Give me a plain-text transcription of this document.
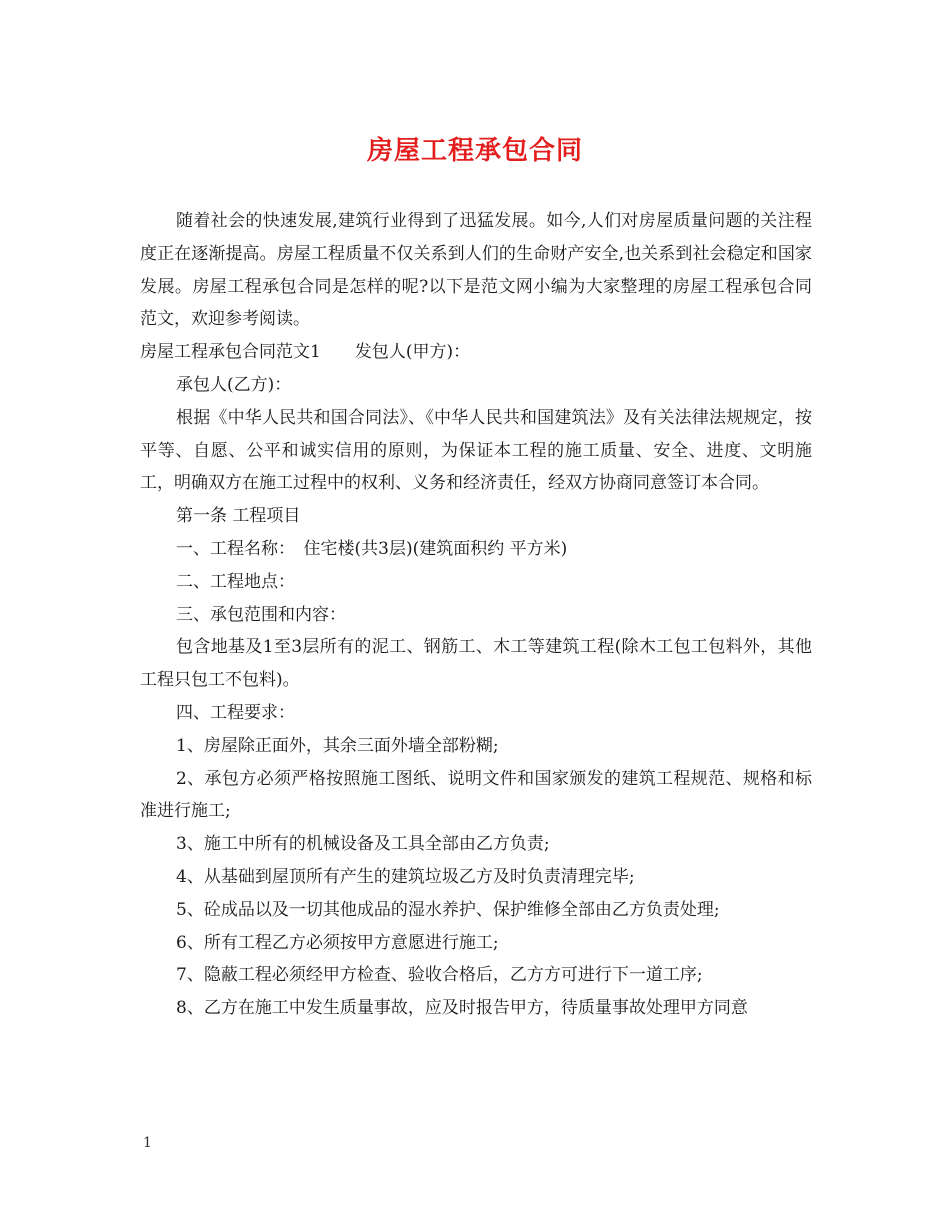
房屋工程承包合同

随着社会的快速发展,建筑行业得到了迅猛发展。如今,人们对房屋质量问题的关注程度正在逐渐提高。房屋工程质量不仅关系到人们的生命财产安全,也关系到社会稳定和国家发展。房屋工程承包合同是怎样的呢?以下是范文网小编为大家整理的房屋工程承包合同范文，欢迎参考阅读。

房屋工程承包合同范文1　　发包人(甲方)：

承包人(乙方)：

根据《中华人民共和国合同法》、《中华人民共和国建筑法》及有关法律法规规定，按平等、自愿、公平和诚实信用的原则，为保证本工程的施工质量、安全、进度、文明施工，明确双方在施工过程中的权利、义务和经济责任，经双方协商同意签订本合同。

第一条 工程项目

一、工程名称：　住宅楼(共3层)(建筑面积约 平方米)

二、工程地点：

三、承包范围和内容：

包含地基及1至3层所有的泥工、钢筋工、木工等建筑工程(除木工包工包料外，其他工程只包工不包料)。

四、工程要求：

1、房屋除正面外，其余三面外墙全部粉糊;

2、承包方必须严格按照施工图纸、说明文件和国家颁发的建筑工程规范、规格和标准进行施工;

3、施工中所有的机械设备及工具全部由乙方负责;

4、从基础到屋顶所有产生的建筑垃圾乙方及时负责清理完毕;

5、砼成品以及一切其他成品的湿水养护、保护维修全部由乙方负责处理;

6、所有工程乙方必须按甲方意愿进行施工;

7、隐蔽工程必须经甲方检查、验收合格后，乙方方可进行下一道工序;

8、乙方在施工中发生质量事故，应及时报告甲方，待质量事故处理甲方同意

1
